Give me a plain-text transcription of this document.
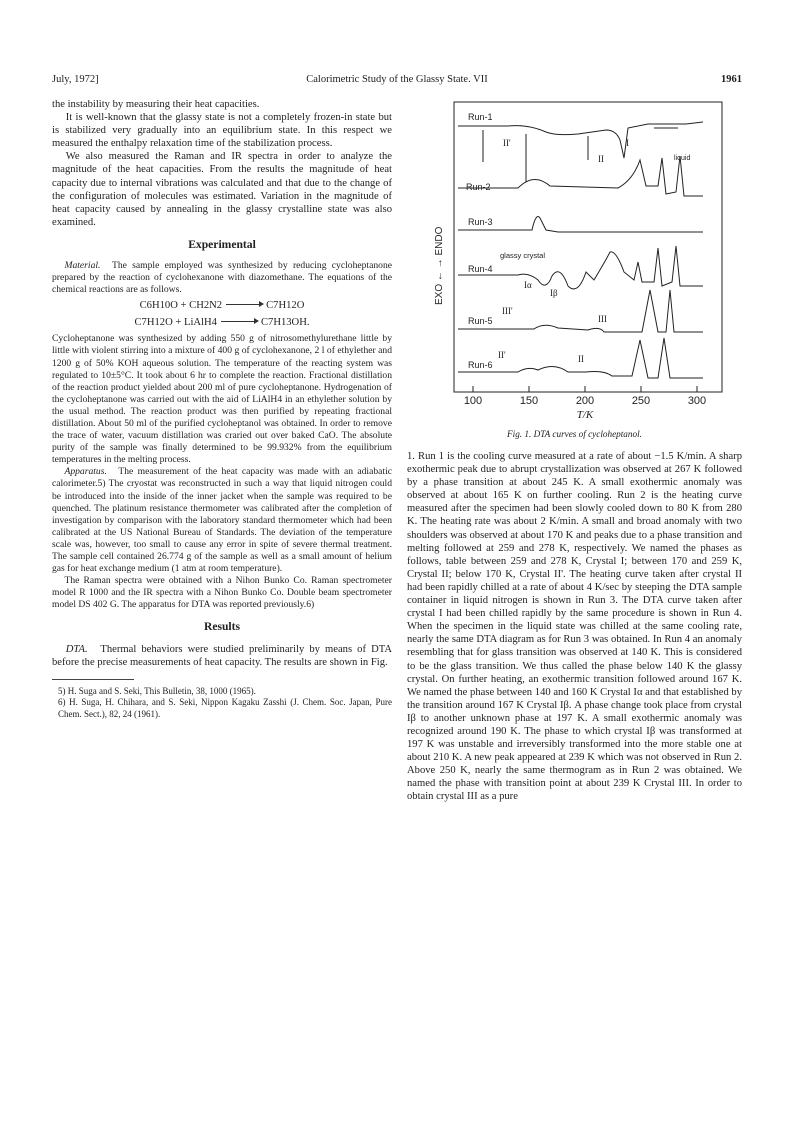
July, 1972]	Calorimetric Study of the Glassy State. VII	1961

the instability by measuring their heat capacities.

It is well-known that the glassy state is not a completely frozen-in state but is stabilized very gradually into an equilibrium state. In this respect we measured the enthalpy relaxation time of the stabilization process.

We also measured the Raman and IR spectra in order to analyze the magnitude of the heat capacities. From the results the magnitude of heat capacity due to internal vibrations was calculated and that due to the change of the configuration of molecules was estimated. Variation in the magnitude of heat capacity caused by annealing in the glassy crystalline state was also examined.

Experimental

Material. The sample employed was synthesized by reducing cycloheptanone prepared by the reaction of cyclohexanone with diazomethane. The equations of the chemical reactions are as follows.

C6H10O + CH2N2	C7H12O

C7H12O + LiAlH4	C7H13OH.

Cycloheptanone was synthesized by adding 550 g of nitrosomethylurethane little by little with violent stirring into a mixture of 400 g of cyclohexanone, 2 l of ethylether and 1200 g of 50% KOH aqueous solution. The temperature of the reacting system was regulated to 10±5°C. It took about 6 hr to complete the reaction. Fractional distillation of the reaction product yielded about 200 ml of pure cycloheptanone. Hydrogenation of the cycloheptanone was carried out with the aid of LiAlH4 in an ethylether solution by the usual method. The reaction product was then purified by repeating fractional distillation. About 50 ml of the purified cycloheptanol was obtained. In order to remove the trace of water, vacuum distillation was craried out over baked CaO. The absolute purity of the sample was finally determined to be 99.932% from the equilibrium temperatures in the melting process.

Apparatus. The measurement of the heat capacity was made with an adiabatic calorimeter.5) The cryostat was reconstructed in such a way that liquid nitrogen could be introduced into the inside of the inner jacket when the sample was required to be quenched. The platinum resistance thermometer was calibrated after the completion of investigation by comparison with the laboratory standard thermometer which had been calibrated at the US National Bureau of Standards. The deviation of the temperature scale was, however, too small to cause any error in spite of severe thermal treatment. The sample cell contained 26.774 g of the sample as well as a small amount of helium gas for heat exchange medium (1 atm at room temperature).

The Raman spectra were obtained with a Nihon Bunko Co. Raman spectrometer model R 1000 and the IR spectra with a Nihon Bunko Co. Double beam spectrometer model DS 402 G. The apparatus for DTA was reported previously.6)

Results

DTA. Thermal behaviors were studied preliminarily by means of DTA before the precise measurements of heat capacity. The results are shown in Fig.

5) H. Suga and S. Seki, This Bulletin, 38, 1000 (1965).

6) H. Suga, H. Chihara, and S. Seki, Nippon Kagaku Zasshi (J. Chem. Soc. Japan, Pure Chem. Sect.), 82, 24 (1961).

100	150	200	250	300
T/K
EXO ← → ENDO
Run-1
Run-2
Run-3
Run-4
Run-5
Run-6
II'
II
I
liquid
glassy crystal
Iα
Iβ
III'
III
II'	II
Fig. 1. DTA curves of cycloheptanol.

1. Run 1 is the cooling curve measured at a rate of about −1.5 K/min. A sharp exothermic peak due to abrupt crystallization was observed at 267 K followed by a phase transition at about 245 K. A small exothermic anomaly was observed at about 165 K on further cooling. Run 2 is the heating curve measured after the specimen had been slowly cooled down to 80 K from 280 K. The heating rate was about 2 K/min. A small and broad anomaly with two shoulders was observed at about 170 K and peaks due to a phase transition and melting followed at 259 and 278 K, respectively. We named the phases as follows, table between 259 and 278 K, Crystal I; between 170 and 259 K, Crystal II; below 170 K, Crystal II'. The heating curve taken after crystal II had been rapidly chilled at a rate of about 4 K/sec by steeping the DTA sample container in liquid nitrogen is shown in Run 3. The DTA curve taken after crystal I had been chilled rapidly by the same procedure is shown in Run 4. When the specimen in the liquid state was chilled at the same cooling rate, nearly the same DTA diagram as for Run 3 was obtained. In Run 4 an anomaly resembling that for glass transition was observed at 140 K. This is considered to be the glass transition. We thus called the phase below 140 K the glassy crystal. On further heating, an exothermic transition followed around 167 K. We named the phase between 140 and 160 K Crystal Iα and that established by the transition around 167 K Crystal Iβ. A phase change took place from crystal Iβ to another unknown phase at 197 K. A small exothermic anomaly was recognized around 190 K. The phase to which crystal Iβ was transformed at 197 K was unstable and irreversibly transformed into the more stable one at about 210 K. A new peak appeared at 239 K which was not observed in Run 2. Above 250 K, nearly the same thermogram as in Run 2 was obtained. We named the phase with transition point at about 239 K Crystal III. In order to obtain crystal III as a pure
